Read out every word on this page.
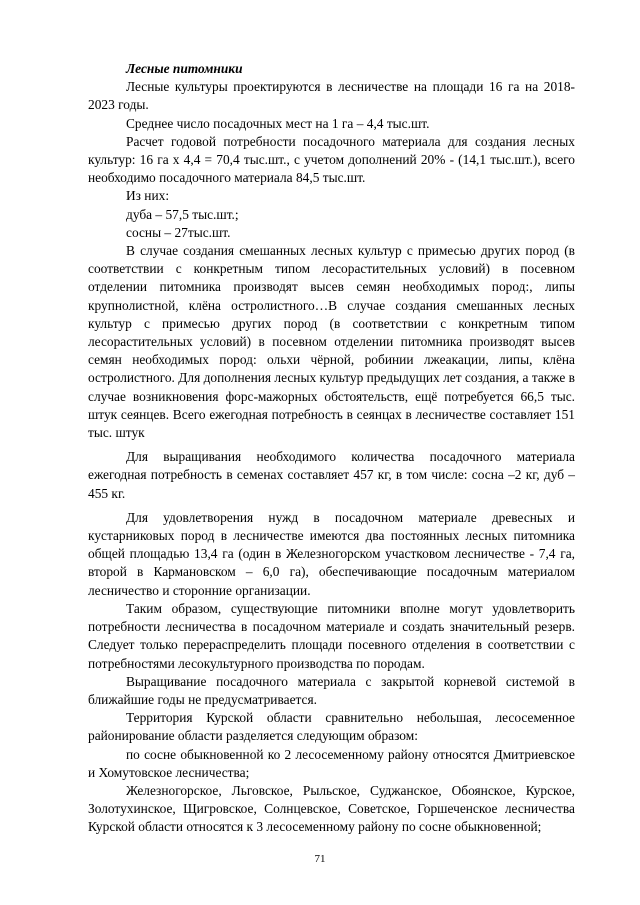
Лесные питомники

Лесные культуры проектируются в лесничестве на площади 16 га на 2018-2023 годы.

Среднее число посадочных мест на 1 га – 4,4 тыс.шт.

Расчет годовой потребности посадочного материала для создания лесных культур: 16 га х 4,4 = 70,4 тыс.шт., с учетом дополнений 20% - (14,1 тыс.шт.), всего необходимо посадочного материала 84,5 тыс.шт.

Из них:

дуба – 57,5 тыс.шт.;

сосны – 27тыс.шт.

В случае создания смешанных лесных культур с примесью других пород (в соответствии с конкретным типом лесорастительных условий) в посевном отделении питомника производят высев семян необходимых пород:, липы крупнолистной, клёна остролистного…В случае создания смешанных лесных культур с примесью других пород (в соответствии с конкретным типом лесорастительных условий) в посевном отделении питомника производят высев семян необходимых пород: ольхи чёрной, робинии лжеакации, липы, клёна остролистного. Для дополнения лесных культур предыдущих лет создания, а также в случае возникновения форс-мажорных обстоятельств, ещё потребуется 66,5 тыс. штук сеянцев. Всего ежегодная потребность в сеянцах в лесничестве составляет 151 тыс. штук

Для выращивания необходимого количества посадочного материала ежегодная потребность в семенах составляет 457 кг, в том числе: сосна –2 кг, дуб – 455 кг.

Для удовлетворения нужд в посадочном материале древесных и кустарниковых пород в лесничестве имеются два постоянных лесных питомника общей площадью 13,4 га (один в Железногорском участковом лесничестве - 7,4 га, второй в Кармановском – 6,0 га), обеспечивающие посадочным материалом лесничество и сторонние организации.

Таким образом, существующие питомники вполне могут удовлетворить потребности лесничества в посадочном материале и создать значительный резерв. Следует только перераспределить площади посевного отделения в соответствии с потребностями лесокультурного производства по породам.

Выращивание посадочного материала с закрытой корневой системой в ближайшие годы не предусматривается.

Территория Курской области сравнительно небольшая, лесосеменное районирование области разделяется следующим образом:

по сосне обыкновенной ко 2 лесосеменному району относятся Дмитриевское и Хомутовское лесничества;

Железногорское, Льговское, Рыльское, Суджанское, Обоянское, Курское, Золотухинское, Щигровское, Солнцевское, Советское, Горшеченское лесничества Курской области относятся к 3 лесосеменному району по сосне обыкновенной;

71
